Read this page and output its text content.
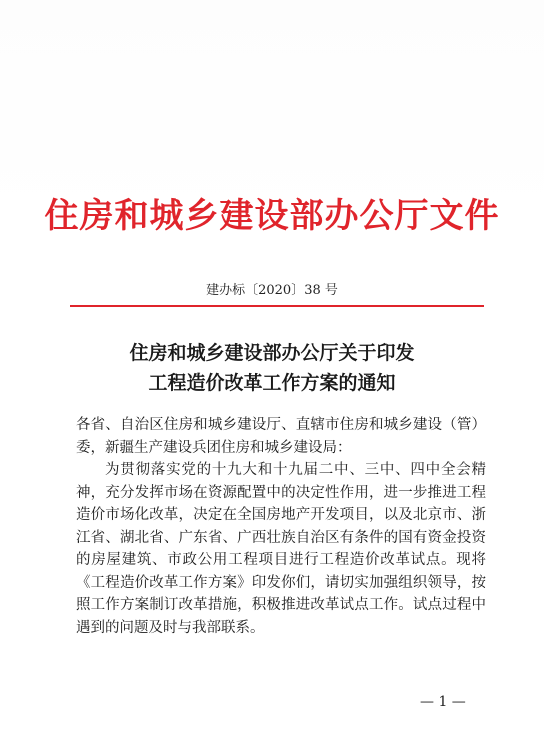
住房和城乡建设部办公厅文件
建办标〔2020〕38 号
住房和城乡建设部办公厅关于印发
工程造价改革工作方案的通知

各省、自治区住房和城乡建设厅、直辖市住房和城乡建设（管）委，新疆生产建设兵团住房和城乡建设局：

为贯彻落实党的十九大和十九届二中、三中、四中全会精神，充分发挥市场在资源配置中的决定性作用，进一步推进工程造价市场化改革，决定在全国房地产开发项目，以及北京市、浙江省、湖北省、广东省、广西壮族自治区有条件的国有资金投资的房屋建筑、市政公用工程项目进行工程造价改革试点。现将《工程造价改革工作方案》印发你们，请切实加强组织领导，按照工作方案制订改革措施，积极推进改革试点工作。试点过程中遇到的问题及时与我部联系。

— 1 —
